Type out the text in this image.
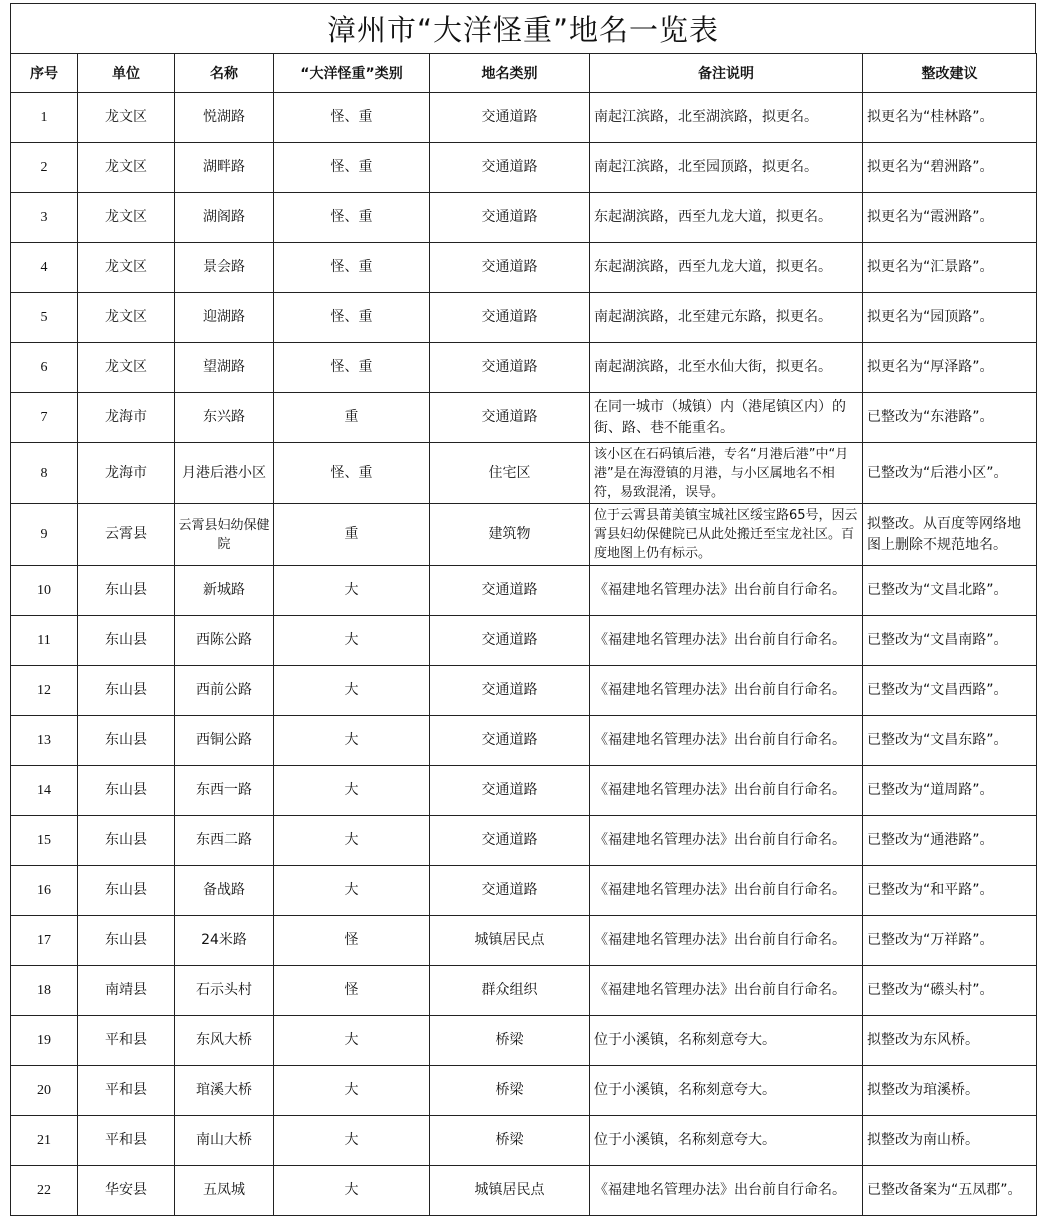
漳州市“大洋怪重”地名一览表
序号	单位	名称	“大洋怪重”类别	地名类别	备注说明	整改建议
1	龙文区	悦湖路	怪、重	交通道路	南起江滨路，北至湖滨路，拟更名。	拟更名为“桂林路”。
2	龙文区	湖畔路	怪、重	交通道路	南起江滨路，北至园顶路，拟更名。	拟更名为“碧洲路”。
3	龙文区	湖阁路	怪、重	交通道路	东起湖滨路，西至九龙大道，拟更名。	拟更名为“霞洲路”。
4	龙文区	景会路	怪、重	交通道路	东起湖滨路，西至九龙大道，拟更名。	拟更名为“汇景路”。
5	龙文区	迎湖路	怪、重	交通道路	南起湖滨路，北至建元东路，拟更名。	拟更名为“园顶路”。
6	龙文区	望湖路	怪、重	交通道路	南起湖滨路，北至水仙大街，拟更名。	拟更名为“厚泽路”。
7	龙海市	东兴路	重	交通道路	在同一城市（城镇）内（港尾镇区内）的街、路、巷不能重名。	已整改为“东港路”。
8	龙海市	月港后港小区	怪、重	住宅区	该小区在石码镇后港，专名“月港后港”中“月港”是在海澄镇的月港，与小区属地名不相符，易致混淆，误导。	已整改为“后港小区”。
9	云霄县	云霄县妇幼保健院	重	建筑物	位于云霄县莆美镇宝城社区绥宝路65号，因云霄县妇幼保健院已从此处搬迁至宝龙社区。百度地图上仍有标示。	拟整改。从百度等网络地图上删除不规范地名。
10	东山县	新城路	大	交通道路	《福建地名管理办法》出台前自行命名。	已整改为“文昌北路”。
11	东山县	西陈公路	大	交通道路	《福建地名管理办法》出台前自行命名。	已整改为“文昌南路”。
12	东山县	西前公路	大	交通道路	《福建地名管理办法》出台前自行命名。	已整改为“文昌西路”。
13	东山县	西铜公路	大	交通道路	《福建地名管理办法》出台前自行命名。	已整改为“文昌东路”。
14	东山县	东西一路	大	交通道路	《福建地名管理办法》出台前自行命名。	已整改为“道周路”。
15	东山县	东西二路	大	交通道路	《福建地名管理办法》出台前自行命名。	已整改为“通港路”。
16	东山县	备战路	大	交通道路	《福建地名管理办法》出台前自行命名。	已整改为“和平路”。
17	东山县	24米路	怪	城镇居民点	《福建地名管理办法》出台前自行命名。	已整改为“万祥路”。
18	南靖县	石示头村	怪	群众组织	《福建地名管理办法》出台前自行命名。	已整改为“礤头村”。
19	平和县	东风大桥	大	桥梁	位于小溪镇，名称刻意夸大。	拟整改为东风桥。
20	平和县	琯溪大桥	大	桥梁	位于小溪镇，名称刻意夸大。	拟整改为琯溪桥。
21	平和县	南山大桥	大	桥梁	位于小溪镇，名称刻意夸大。	拟整改为南山桥。
22	华安县	五凤城	大	城镇居民点	《福建地名管理办法》出台前自行命名。	已整改备案为“五凤郡”。
